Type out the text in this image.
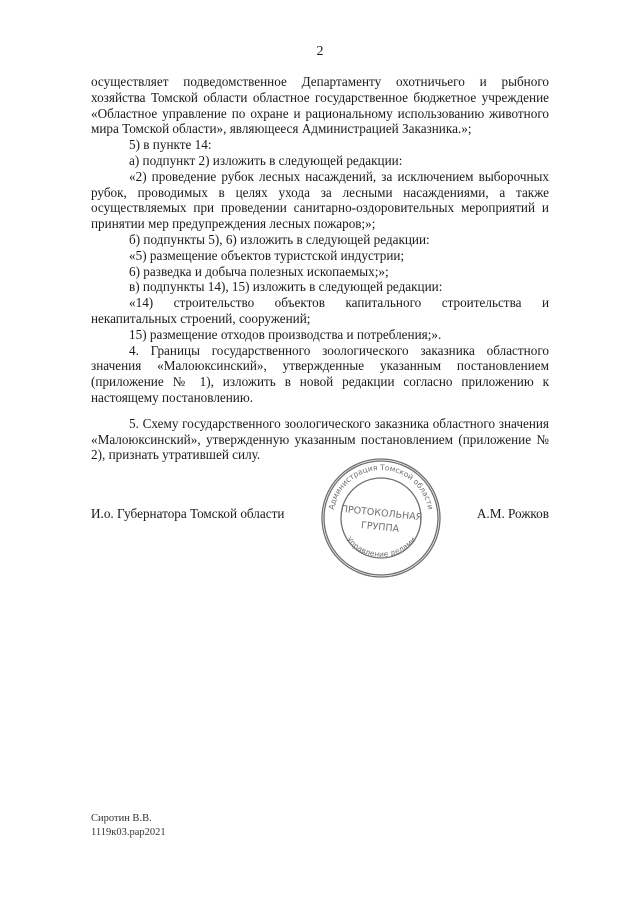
2

осуществляет подведомственное Департаменту охотничьего и рыбного хозяйства Томской области областное государственное бюджетное учреждение «Областное управление по охране и рациональному использованию животного мира Томской области», являющееся Администрацией Заказника.»;

5) в пункте 14:

а) подпункт 2) изложить в следующей редакции:

«2) проведение рубок лесных насаждений, за исключением выборочных рубок, проводимых в целях ухода за лесными насаждениями, а также осуществляемых при проведении санитарно-оздоровительных мероприятий и принятии мер предупреждения лесных пожаров;»;

б) подпункты 5), 6) изложить в следующей редакции:

«5) размещение объектов туристской индустрии;

6) разведка и добыча полезных ископаемых;»;

в) подпункты 14), 15) изложить в следующей редакции:

«14) строительство объектов капитального строительства и некапитальных строений, сооружений;

15) размещение отходов производства и потребления;».

4. Границы государственного зоологического заказника областного значения «Малоюксинский», утвержденные указанным постановлением (приложение № 1), изложить в новой редакции согласно приложению к настоящему постановлению.

5. Схему государственного зоологического заказника областного значения «Малоюксинский», утвержденную указанным постановлением (приложение № 2), признать утратившей силу.

И.о. Губернатора Томской области	А.М. Рожков
Администрация Томской области
Управление делами
ПРОТОКОЛЬНАЯ
ГРУППА
Сиротин В.В.
1119к03.рар2021
